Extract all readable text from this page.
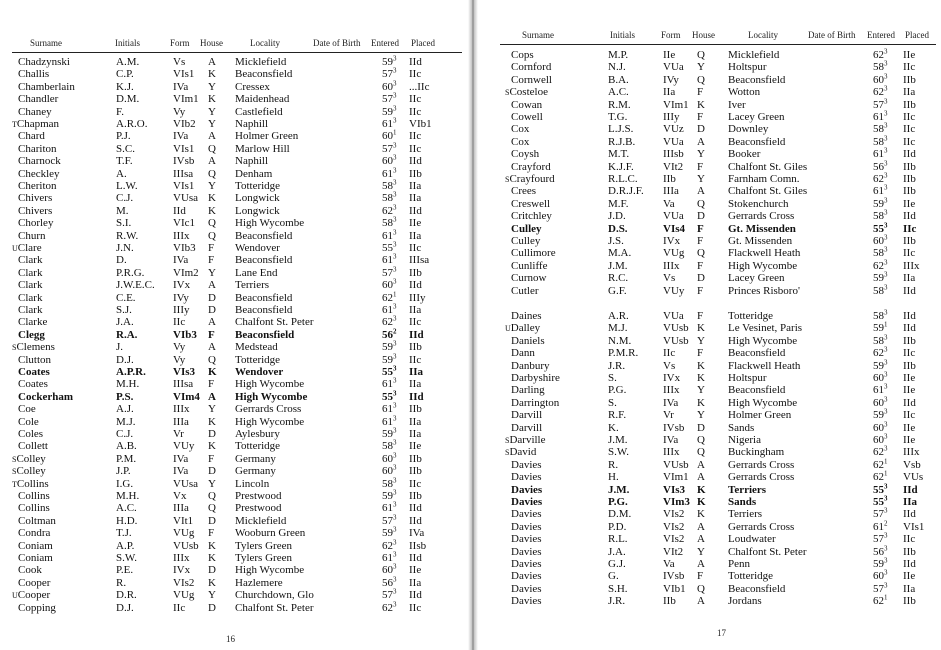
Surname	Initials	Form House	Locality	Date of Birth Entered Placed
Chadzynski	A.M.	Vs A Micklefield	$59^3$ IId
Challis	C.P.	VIs1 K Beaconsfield	$57^3$ IIc
Chamberlain	K.J.	IVa Y Cressex	$60^3$ ...IIc
Chandler	D.M.	VIm1 K Maidenhead	$57^3$ IIc
Chaney	F.	Vy Y Castlefield	$59^3$ IIc
TChapman	A.R.O. VIb2 Y Naphill	$61^3$ VIb1
Chard	P.J.	IVa A Holmer Green	$60^1$ IIc
Chariton	S.C.	VIs1 Q Marlow Hill	$57^3$ IIc
Charnock	T.F.	IVsb A Naphill	$60^3$ IId
Checkley	A.	IIIsa Q Denham	$61^3$ IIb
Cheriton	L.W.	VIs1 Y Totteridge	$58^3$ IIa
Chivers	C.J.	VUsa K Longwick	$58^3$ IIa
Chivers	M.	IId K Longwick	$62^3$ IId
Chorley	S.I.	VIc1 Q High Wycombe	$58^3$ IIe
Churn	R.W.	IIIx Q Beaconsfield	$61^3$ IIa
UClare	J.N.	VIb3 F Wendover	$55^3$ IIc
Clark	D.	IVa F Beaconsfield	$61^3$ IIIsa
Clark	P.R.G.	VIm2 Y Lane End	$57^3$ IIb
Clark	J.W.E.C. IVx A Terriers	$60^3$ IId
Clark	C.E.	IVy D Beaconsfield	$62^1$ IIIy
Clark	S.J.	IIIy D Beaconsfield	$61^3$ IIa
Clarke	J.A.	IIc A Chalfont St. Peter	$62^3$ IIc
Clegg	R.A.	VIb3 F Beaconsfield	$56^2$ IId
SClemens	J.	Vy A Medstead	$59^3$ IIb
Clutton	D.J.	Vy Q Totteridge	$59^3$ IIc
Coates	A.P.R. VIs3 K Wendover	$55^3$ IIa
Coates	M.H.	IIIsa F High Wycombe	$61^3$ IIa
Cockerham	P.S.	VIm4 A High Wycombe	$55^3$ IId
Coe	A.J.	IIIx Y Gerrards Cross	$61^3$ IIb
Cole	M.J.	IIIa K High Wycombe	$61^3$ IIa
Coles	C.J.	Vr D Aylesbury	$59^3$ IIa
Collett	A.B.	VUy K Totteridge	$58^3$ IIe
SColley	P.M.	IVa F Germany	$60^3$ IIb
SColley	J.P.	IVa D Germany	$60^3$ IIb
TCollins	I.G.	VUsa Y Lincoln	$58^3$ IIc
Collins	M.H.	Vx Q Prestwood	$59^3$ IIb
Collins	A.C.	IIIa Q Prestwood	$61^3$ IId
Coltman	H.D.	VIt1 D Micklefield	$57^3$ IId
Condra	T.J.	VUg F Wooburn Green	$59^3$ IVa
Coniam	A.P.	VUsb K Tylers Green	$62^3$ IIsb
Coniam	S.W.	IIIx K Tylers Green	$61^3$ IId
Cook	P.E.	IVx D High Wycombe	$60^3$ IIe
Cooper	R.	VIs2 K Hazlemere	$56^3$ IIa
UCooper	D.R.	VUg Y Churchdown, Glo	$57^3$ IId
Copping	D.J.	IIc D Chalfont St. Peter	$62^3$ IIc
16
Surname	Initials	Form House	Locality	Date of Birth Entered Placed
Cops	M.P.	IIe Q Micklefield	$62^3$ IIe
Cornford	N.J.	VUa Y Holtspur	$58^3$ IIc
Cornwell	B.A.	IVy Q Beaconsfield	$60^3$ IIb
SCosteloe	A.C.	IIa F Wotton	$62^3$ IIa
Cowan	R.M.	VIm1 K Iver	$57^3$ IIb
Cowell	T.G.	IIIy F Lacey Green	$61^3$ IIc
Cox	L.J.S.	VUz D Downley	$58^3$ IIc
Cox	R.J.B.	VUa A Beaconsfield	$58^3$ IIc
Coysh	M.T.	IIIsb Y Booker	$61^3$ IId
Crayford	K.J.F.	VIt2 F Chalfont St. Giles	$56^3$ IIb
SCrayfourd	R.L.C. IIb Y Farnham Comn.	$62^3$ IIb
Crees	D.R.J.F. IIIa A Chalfont St. Giles	$61^3$ IIb
Creswell	M.F.	Va Q Stokenchurch	$59^3$ IIe
Critchley	J.D.	VUa D Gerrards Cross	$58^3$ IId
Culley	D.S.	VIs4 F Gt. Missenden	$55^3$ IIc
Culley	J.S.	IVx F Gt. Missenden	$60^3$ IIb
Cullimore	M.A.	VUg Q Flackwell Heath	$58^3$ IIc
Cunliffe	J.M.	IIIx F High Wycombe	$62^3$ IIIx
Curnow	R.C.	Vs D Lacey Green	$59^3$ IIa
Cutler	G.F.	VUy F Princes Risboro'	$58^3$ IId
Daines	A.R.	VUa F Totteridge	$58^3$ IId
UDalley	M.J.	VUsb K Le Vesinet, Paris	$59^1$ IId
Daniels	N.M.	VUsb Y High Wycombe	$58^3$ IIb
Dann	P.M.R. IIc F Beaconsfield	$62^3$ IIc
Danbury	J.R.	Vs K Flackwell Heath	$59^3$ IIb
Darbyshire	S.	IVx K Holtspur	$60^3$ IIe
Darling	P.G.	IIIx Y Beaconsfield	$61^3$ IIe
Darrington	S.	IVa K High Wycombe	$60^3$ IId
Darvill	R.F.	Vr Y Holmer Green	$59^3$ IIc
Darvill	K.	IVsb D Sands	$60^3$ IIe
SDarville	J.M.	IVa Q Nigeria	$60^3$ IIe
SDavid	S.W.	IIIx Q Buckingham	$62^3$ IIIx
Davies	R.	VUsb A Gerrards Cross	$62^1$ Vsb
Davies	H.	VIm1 A Gerrards Cross	$62^1$ VUs
Davies	J.M.	VIs3 K Terriers	$55^3$ IId
Davies	P.G.	VIm3 K Sands	$55^3$ IIa
Davies	D.M.	VIs2 K Terriers	$57^3$ IId
Davies	P.D.	VIs2 A Gerrards Cross	$61^2$ VIs1
Davies	R.L.	VIs2 A Loudwater	$57^3$ IIc
Davies	J.A.	VIt2 Y Chalfont St. Peter	$56^3$ IIb
Davies	G.J.	Va A Penn	$59^3$ IId
Davies	G.	IVsb F Totteridge	$60^3$ IIe
Davies	S.H.	VIb1 Q Beaconsfield	$57^3$ IIa
Davies	J.R.	IIb A Jordans	$62^1$ IIb
17
